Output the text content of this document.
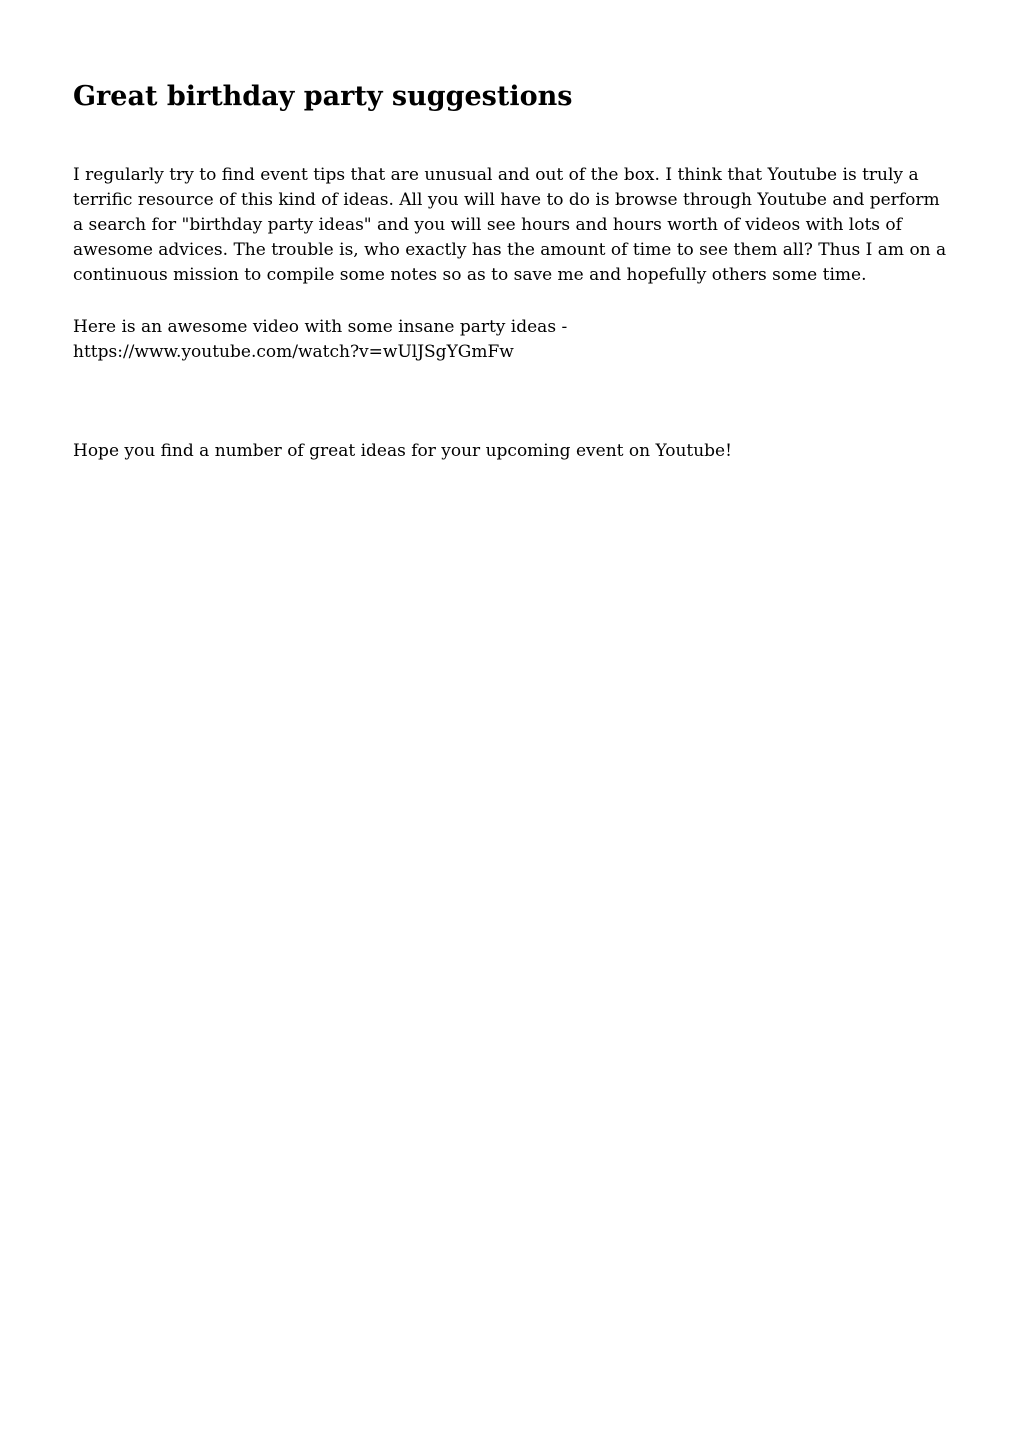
Great birthday party suggestions

I regularly try to find event tips that are unusual and out of the box. I think that Youtube is truly a
terrific resource of this kind of ideas. All you will have to do is browse through Youtube and perform
a search for "birthday party ideas" and you will see hours and hours worth of videos with lots of
awesome advices. The trouble is, who exactly has the amount of time to see them all? Thus I am on a
continuous mission to compile some notes so as to save me and hopefully others some time.

Here is an awesome video with some insane party ideas -
https://www.youtube.com/watch?v=wUlJSgYGmFw

Hope you find a number of great ideas for your upcoming event on Youtube!
